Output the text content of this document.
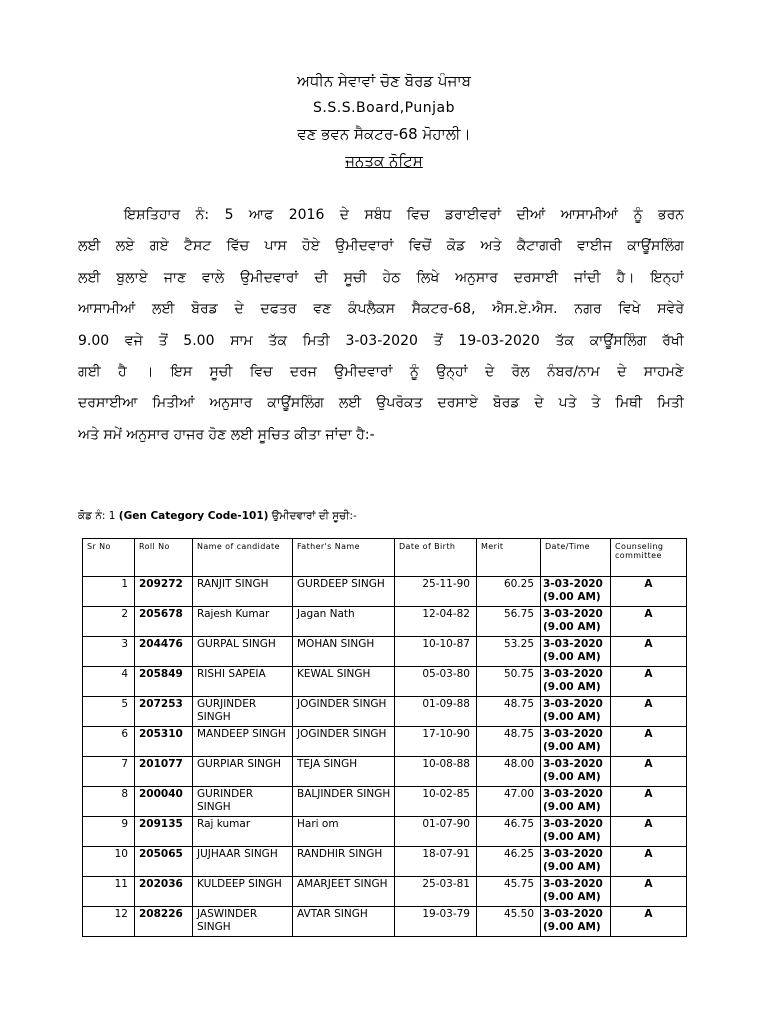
ਅਧੀਨ ਸੇਵਾਵਾਂ ਚੋਣ ਬੋਰਡ ਪੰਜਾਬ
S.S.S.Board,Punjab
ਵਣ ਭਵਨ ਸੈਕਟਰ-68 ਮੋਹਾਲੀ।
ਜਨਤਕ ਨੋਟਿਸ
ਇਸ਼ਤਿਹਾਰ ਨੰ: 5 ਆਫ 2016 ਦੇ ਸਬੰਧ ਵਿਚ ਡਰਾਈਵਰਾਂ ਦੀਆਂ ਆਸਾਮੀਆਂ ਨੂੰ ਭਰਨ
ਲਈ ਲਏ ਗਏ ਟੈਸਟ ਵਿੱਚ ਪਾਸ ਹੋਏ ਉਮੀਦਵਾਰਾਂ ਵਿਚੋਂ ਕੋਡ ਅਤੇ ਕੈਟਾਗਰੀ ਵਾਈਜ ਕਾਊਂਸਲਿੰਗ
ਲਈ ਬੁਲਾਏ ਜਾਣ ਵਾਲੇ ਉਮੀਦਵਾਰਾਂ ਦੀ ਸੂਚੀ ਹੇਠ ਲਿਖੇ ਅਨੁਸਾਰ ਦਰਸਾਈ ਜਾਂਦੀ ਹੈ। ਇਨ੍ਹਾਂ
ਆਸਾਮੀਆਂ ਲਈ ਬੋਰਡ ਦੇ ਦਫਤਰ ਵਣ ਕੰਪਲੈਕਸ ਸੈਕਟਰ-68, ਐਸ.ਏ.ਐਸ. ਨਗਰ ਵਿਖੇ ਸਵੇਰੇ
9.00 ਵਜੇ ਤੋਂ 5.00 ਸਾਮ ਤੱਕ ਮਿਤੀ 3-03-2020 ਤੋਂ 19-03-2020 ਤੱਕ ਕਾਊਂਸਲਿੰਗ ਰੱਖੀ
ਗਈ ਹੈ । ਇਸ ਸੂਚੀ ਵਿਚ ਦਰਜ ਉਮੀਦਵਾਰਾਂ ਨੂੰ ਉਨ੍ਹਾਂ ਦੇ ਰੋਲ ਨੰਬਰ/ਨਾਮ ਦੇ ਸਾਹਮਣੇ
ਦਰਸਾਈਆ ਮਿਤੀਆਂ ਅਨੁਸਾਰ ਕਾਊਂਸਲਿੰਗ ਲਈ ਉਪਰੋਕਤ ਦਰਸਾਏ ਬੋਰਡ ਦੇ ਪਤੇ ਤੇ ਮਿਥੀ ਮਿਤੀ
ਅਤੇ ਸਮੇਂ ਅਨੁਸਾਰ ਹਾਜਰ ਹੋਣ ਲਈ ਸੂਚਿਤ ਕੀਤਾ ਜਾਂਦਾ ਹੈ:-
ਕੋਡ ਨੰ: 1 (Gen Category Code-101) ਉਮੀਦਵਾਰਾਂ ਦੀ ਸੂਚੀ:-
Sr No	Roll No	Name of candidate	Father's Name	Date of Birth	Merit	Date/Time	Counseling committee
1	209272	RANJIT SINGH	GURDEEP SINGH	25-11-90	60.25	3-03-2020 (9.00 AM)	A
2	205678	Rajesh Kumar	Jagan Nath	12-04-82	56.75	3-03-2020 (9.00 AM)	A
3	204476	GURPAL SINGH	MOHAN SINGH	10-10-87	53.25	3-03-2020 (9.00 AM)	A
4	205849	RISHI SAPEIA	KEWAL SINGH	05-03-80	50.75	3-03-2020 (9.00 AM)	A
5	207253	GURJINDER SINGH	JOGINDER SINGH	01-09-88	48.75	3-03-2020 (9.00 AM)	A
6	205310	MANDEEP SINGH	JOGINDER SINGH	17-10-90	48.75	3-03-2020 (9.00 AM)	A
7	201077	GURPIAR SINGH	TEJA SINGH	10-08-88	48.00	3-03-2020 (9.00 AM)	A
8	200040	GURINDER SINGH	BALJINDER SINGH	10-02-85	47.00	3-03-2020 (9.00 AM)	A
9	209135	Raj kumar	Hari om	01-07-90	46.75	3-03-2020 (9.00 AM)	A
10	205065	JUJHAAR SINGH	RANDHIR SINGH	18-07-91	46.25	3-03-2020 (9.00 AM)	A
11	202036	KULDEEP SINGH	AMARJEET SINGH	25-03-81	45.75	3-03-2020 (9.00 AM)	A
12	208226	JASWINDER SINGH	AVTAR SINGH	19-03-79	45.50	3-03-2020 (9.00 AM)	A
